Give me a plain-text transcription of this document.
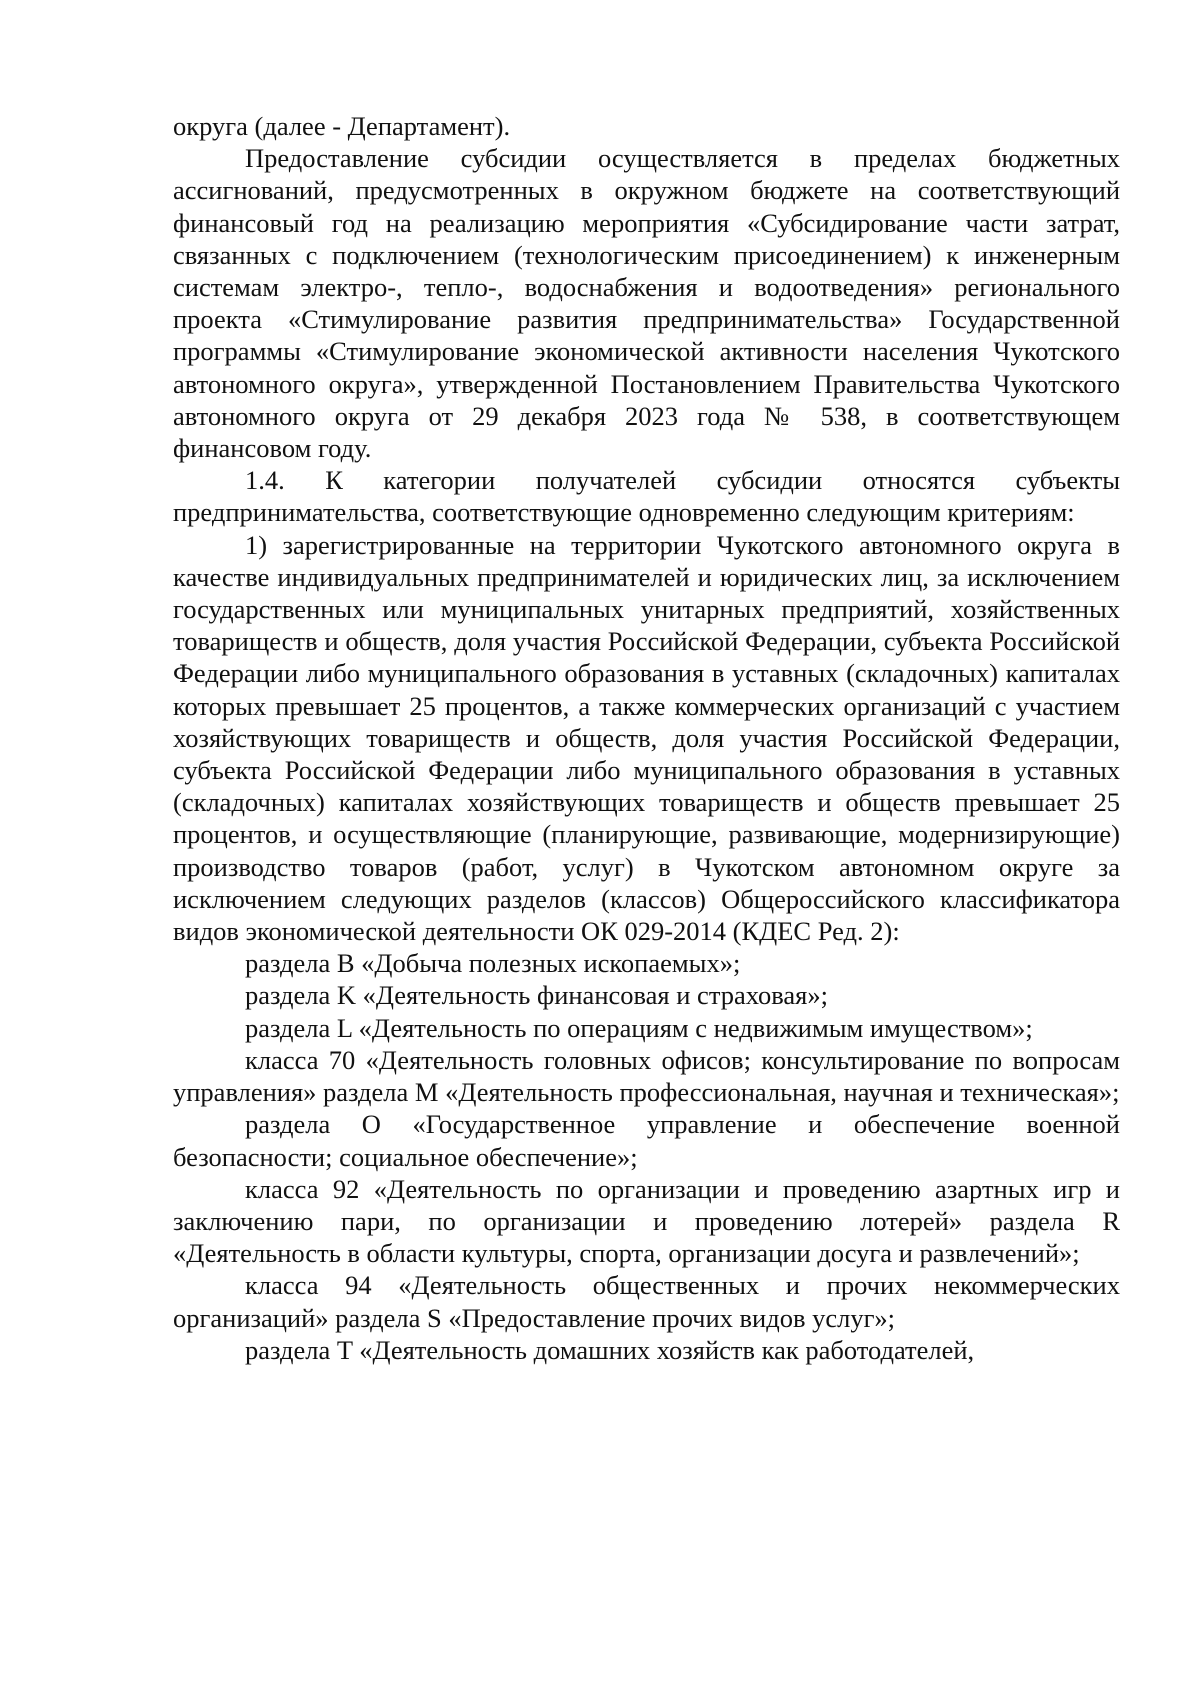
округа (далее - Департамент).

Предоставление субсидии осуществляется в пределах бюджетных ассигнований, предусмотренных в окружном бюджете на соответствующий финансовый год на реализацию мероприятия «Субсидирование части затрат, связанных с подключением (технологическим присоединением) к инженерным системам электро-, тепло-, водоснабжения и водоотведения» регионального проекта «Стимулирование развития предпринимательства» Государственной программы «Стимулирование экономической активности населения Чукотского автономного округа», утвержденной Постановлением Правительства Чукотского автономного округа от 29 декабря 2023 года № 538, в соответствующем финансовом году.

1.4. К категории получателей субсидии относятся субъекты предпринимательства, соответствующие одновременно следующим критериям:

1) зарегистрированные на территории Чукотского автономного округа в качестве индивидуальных предпринимателей и юридических лиц, за исключением государственных или муниципальных унитарных предприятий, хозяйственных товариществ и обществ, доля участия Российской Федерации, субъекта Российской Федерации либо муниципального образования в уставных (складочных) капиталах которых превышает 25 процентов, а также коммерческих организаций с участием хозяйствующих товариществ и обществ, доля участия Российской Федерации, субъекта Российской Федерации либо муниципального образования в уставных (складочных) капиталах хозяйствующих товариществ и обществ превышает 25 процентов, и осуществляющие (планирующие, развивающие, модернизирующие) производство товаров (работ, услуг) в Чукотском автономном округе за исключением следующих разделов (классов) Общероссийского классификатора видов экономической деятельности ОК 029-2014 (КДЕС Ред. 2):

раздела B «Добыча полезных ископаемых»;

раздела K «Деятельность финансовая и страховая»;

раздела L «Деятельность по операциям с недвижимым имуществом»;

класса 70 «Деятельность головных офисов; консультирование по вопросам управления» раздела M «Деятельность профессиональная, научная и техническая»;

раздела O «Государственное управление и обеспечение военной безопасности; социальное обеспечение»;

класса 92 «Деятельность по организации и проведению азартных игр и заключению пари, по организации и проведению лотерей» раздела R «Деятельность в области культуры, спорта, организации досуга и развлечений»;

класса 94 «Деятельность общественных и прочих некоммерческих организаций» раздела S «Предоставление прочих видов услуг»;

раздела T «Деятельность домашних хозяйств как работодателей,
